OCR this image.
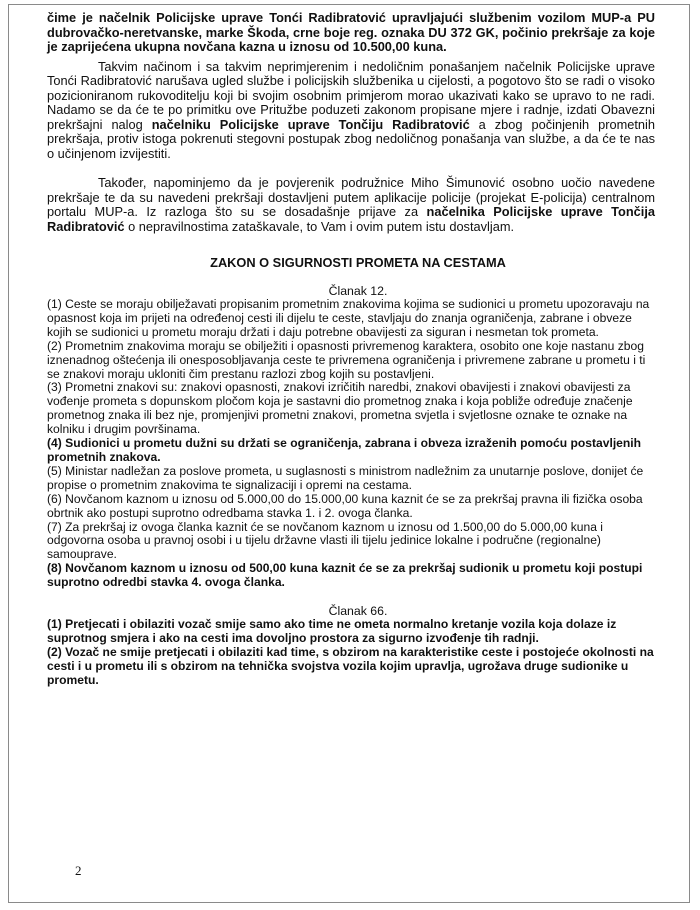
čime je načelnik Policijske uprave Tonći Radibratović upravljajući službenim vozilom MUP-a PU dubrovačko-neretvanske, marke Škoda, crne boje reg. oznaka DU 372 GK, počinio prekršaje za koje je zaprijećena ukupna novčana kazna u iznosu od 10.500,00 kuna.

Takvim načinom i sa takvim neprimjerenim i nedoličnim ponašanjem načelnik Policijske uprave Tonći Radibratović narušava ugled službe i policijskih službenika u cijelosti, a pogotovo što se radi o visoko pozicioniranom rukovoditelju koji bi svojim osobnim primjerom morao ukazivati kako se upravo to ne radi. Nadamo se da će te po primitku ove Pritužbe poduzeti zakonom propisane mjere i radnje, izdati Obavezni prekršajni nalog načelniku Policijske uprave Tončiju Radibratović a zbog počinjenih prometnih prekršaja, protiv istoga pokrenuti stegovni postupak zbog nedoličnog ponašanja van službe, a da će te nas o učinjenom izvijestiti.

Također, napominjemo da je povjerenik podružnice Miho Šimunović osobno uočio navedene prekršaje te da su navedeni prekršaji dostavljeni putem aplikacije policije (projekat E-policija) centralnom portalu MUP-a. Iz razloga što su se dosadašnje prijave za načelnika Policijske uprave Tončija Radibratović o nepravilnostima zataškavale, to Vam i ovim putem istu dostavljam.

ZAKON O SIGURNOSTI PROMETA NA CESTAMA

Članak 12.

(1) Ceste se moraju obilježavati propisanim prometnim znakovima kojima se sudionici u prometu upozoravaju na opasnost koja im prijeti na određenoj cesti ili dijelu te ceste, stavljaju do znanja ograničenja, zabrane i obveze kojih se sudionici u prometu moraju držati i daju potrebne obavijesti za siguran i nesmetan tok prometa.

(2) Prometnim znakovima moraju se obilježiti i opasnosti privremenog karaktera, osobito one koje nastanu zbog iznenadnog oštećenja ili onesposobljavanja ceste te privremena ograničenja i privremene zabrane u prometu i ti se znakovi moraju ukloniti čim prestanu razlozi zbog kojih su postavljeni.

(3) Prometni znakovi su: znakovi opasnosti, znakovi izričitih naredbi, znakovi obavijesti i znakovi obavijesti za vođenje prometa s dopunskom pločom koja je sastavni dio prometnog znaka i koja pobliže određuje značenje prometnog znaka ili bez nje, promjenjivi prometni znakovi, prometna svjetla i svjetlosne oznake te oznake na kolniku i drugim površinama.

(4) Sudionici u prometu dužni su držati se ograničenja, zabrana i obveza izraženih pomoću postavljenih prometnih znakova.

(5) Ministar nadležan za poslove prometa, u suglasnosti s ministrom nadležnim za unutarnje poslove, donijet će propise o prometnim znakovima te signalizaciji i opremi na cestama.

(6) Novčanom kaznom u iznosu od 5.000,00 do 15.000,00 kuna kaznit će se za prekršaj pravna ili fizička osoba obrtnik ako postupi suprotno odredbama stavka 1. i 2. ovoga članka.

(7) Za prekršaj iz ovoga članka kaznit će se novčanom kaznom u iznosu od 1.500,00 do 5.000,00 kuna i odgovorna osoba u pravnoj osobi i u tijelu državne vlasti ili tijelu jedinice lokalne i područne (regionalne) samouprave.

(8) Novčanom kaznom u iznosu od 500,00 kuna kaznit će se za prekršaj sudionik u prometu koji postupi suprotno odredbi stavka 4. ovoga članka.

Članak 66.

(1) Pretjecati i obilaziti vozač smije samo ako time ne ometa normalno kretanje vozila koja dolaze iz suprotnog smjera i ako na cesti ima dovoljno prostora za sigurno izvođenje tih radnji.

(2) Vozač ne smije pretjecati i obilaziti kad time, s obzirom na karakteristike ceste i postojeće okolnosti na cesti i u prometu ili s obzirom na tehnička svojstva vozila kojim upravlja, ugrožava druge sudionike u prometu.

2
